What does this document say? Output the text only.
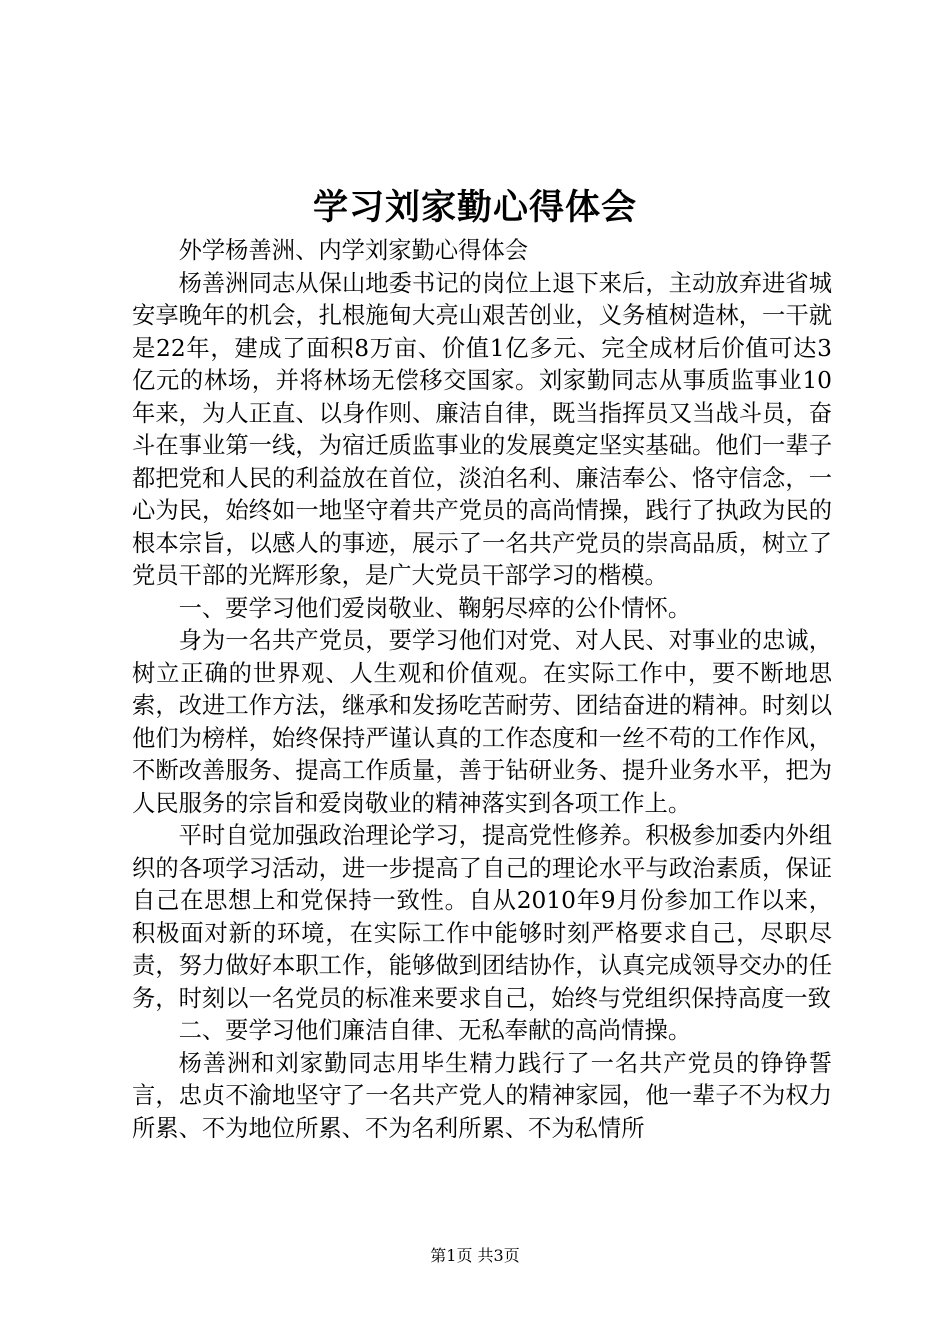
学习刘家勤心得体会

外学杨善洲、内学刘家勤心得体会

杨善洲同志从保山地委书记的岗位上退下来后，主动放弃进省城安享晚年的机会，扎根施甸大亮山艰苦创业，义务植树造林，一干就是22年，建成了面积8万亩、价值1亿多元、完全成材后价值可达3亿元的林场，并将林场无偿移交国家。刘家勤同志从事质监事业10年来，为人正直、以身作则、廉洁自律，既当指挥员又当战斗员，奋斗在事业第一线，为宿迁质监事业的发展奠定坚实基础。他们一辈子都把党和人民的利益放在首位，淡泊名利、廉洁奉公、恪守信念，一心为民，始终如一地坚守着共产党员的高尚情操，践行了执政为民的根本宗旨，以感人的事迹，展示了一名共产党员的崇高品质，树立了党员干部的光辉形象，是广大党员干部学习的楷模。

一、要学习他们爱岗敬业、鞠躬尽瘁的公仆情怀。

身为一名共产党员，要学习他们对党、对人民、对事业的忠诚，树立正确的世界观、人生观和价值观。在实际工作中，要不断地思索，改进工作方法，继承和发扬吃苦耐劳、团结奋进的精神。时刻以他们为榜样，始终保持严谨认真的工作态度和一丝不苟的工作作风，不断改善服务、提高工作质量，善于钻研业务、提升业务水平，把为人民服务的宗旨和爱岗敬业的精神落实到各项工作上。

平时自觉加强政治理论学习，提高党性修养。积极参加委内外组织的各项学习活动，进一步提高了自己的理论水平与政治素质，保证自己在思想上和党保持一致性。自从2010年9月份参加工作以来，积极面对新的环境，在实际工作中能够时刻严格要求自己，尽职尽责，努力做好本职工作，能够做到团结协作，认真完成领导交办的任务，时刻以一名党员的标准来要求自己，始终与党组织保持高度一致

二、要学习他们廉洁自律、无私奉献的高尚情操。

杨善洲和刘家勤同志用毕生精力践行了一名共产党员的铮铮誓言，忠贞不渝地坚守了一名共产党人的精神家园，他一辈子不为权力所累、不为地位所累、不为名利所累、不为私情所

第1页 共3页
